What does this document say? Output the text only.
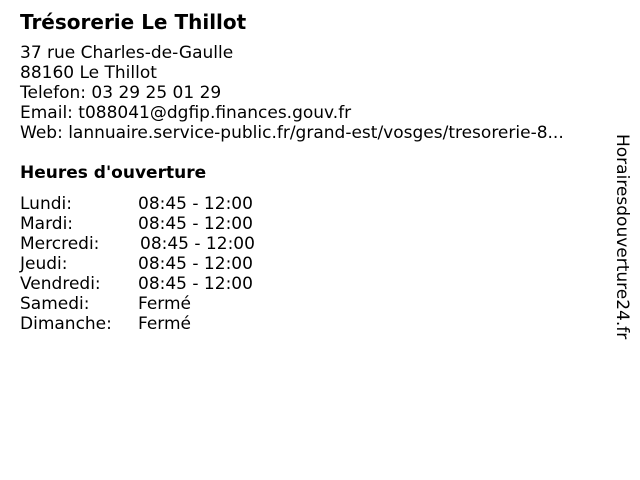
Trésorerie Le Thillot
37 rue Charles-de-Gaulle
88160 Le Thillot
Telefon: 03 29 25 01 29
Email: t088041@dgfip.finances.gouv.fr
Web: lannuaire.service-public.fr/grand-est/vosges/tresorerie-8...
Heures d'ouverture
Lundi:	08:45 - 12:00
Mardi:	08:45 - 12:00
Mercredi: 08:45 - 12:00
Jeudi:	08:45 - 12:00
Vendredi: 08:45 - 12:00
Samedi:	Fermé
Dimanche: Fermé	Horairesdouverture24.fr
